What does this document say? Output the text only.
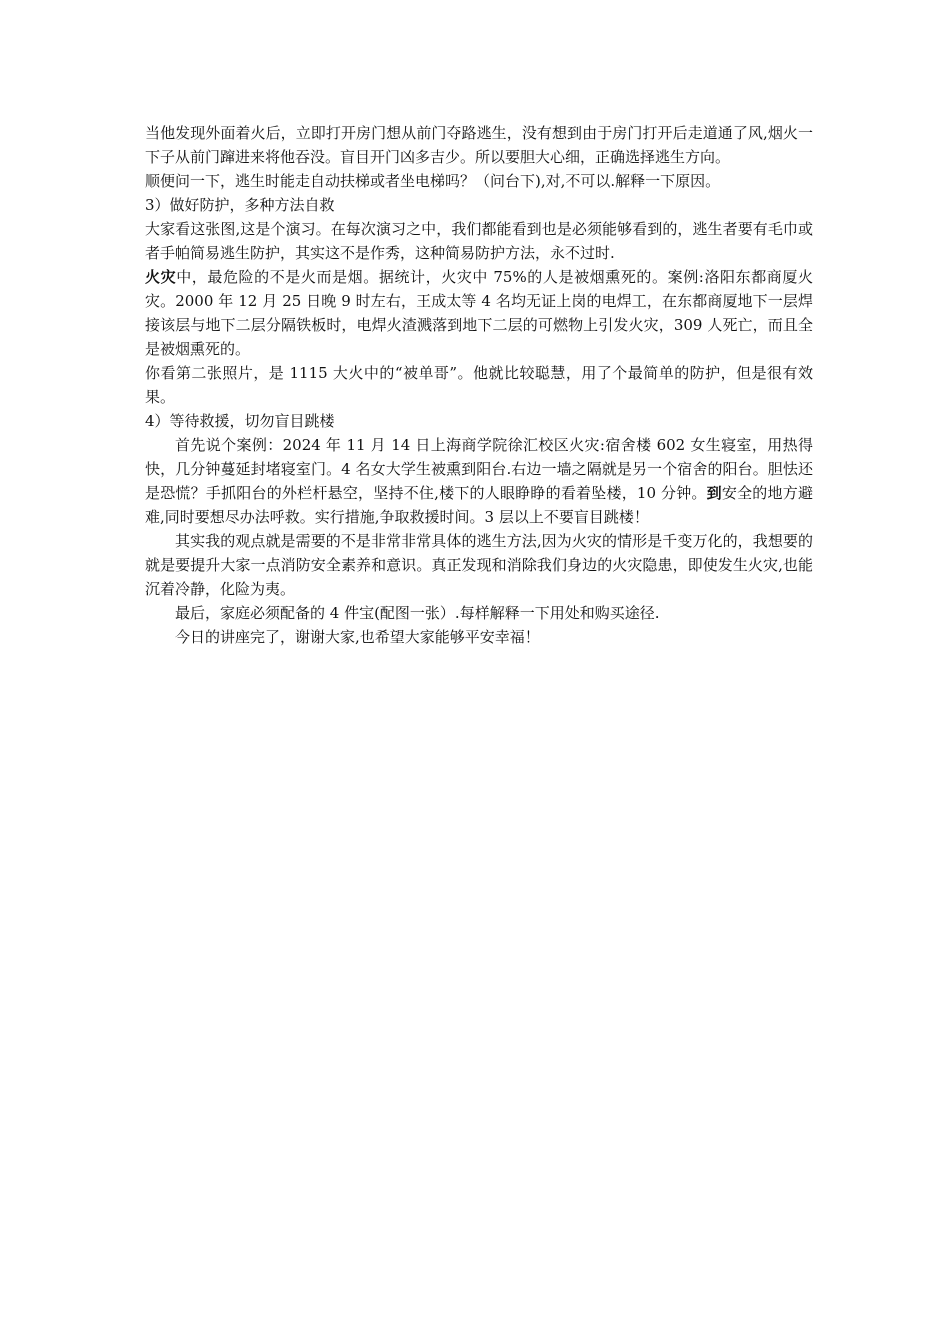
当他发现外面着火后，立即打开房门想从前门夺路逃生，没有想到由于房门打开后走道通了风,烟火一下子从前门蹿进来将他吞没。盲目开门凶多吉少。所以要胆大心细，正确选择逃生方向。

顺便问一下，逃生时能走自动扶梯或者坐电梯吗？（问台下),对,不可以.解释一下原因。

3）做好防护，多种方法自救

大家看这张图,这是个演习。在每次演习之中，我们都能看到也是必须能够看到的，逃生者要有毛巾或者手帕简易逃生防护，其实这不是作秀，这种简易防护方法，永不过时.

火灾中，最危险的不是火而是烟。据统计，火灾中 75%的人是被烟熏死的。案例:洛阳东都商厦火灾。2000 年 12 月 25 日晚 9 时左右，王成太等 4 名均无证上岗的电焊工，在东都商厦地下一层焊接该层与地下二层分隔铁板时，电焊火渣溅落到地下二层的可燃物上引发火灾，309 人死亡，而且全是被烟熏死的。

你看第二张照片，是 1115 大火中的“被单哥”。他就比较聪慧，用了个最简单的防护，但是很有效果。

4）等待救援，切勿盲目跳楼

首先说个案例：2024 年 11 月 14 日上海商学院徐汇校区火灾:宿舍楼 602 女生寝室，用热得快，几分钟蔓延封堵寝室门。4 名女大学生被熏到阳台.右边一墙之隔就是另一个宿舍的阳台。胆怯还是恐慌？手抓阳台的外栏杆悬空，坚持不住,楼下的人眼睁睁的看着坠楼，10 分钟。到安全的地方避难,同时要想尽办法呼救。实行措施,争取救援时间。3 层以上不要盲目跳楼！

其实我的观点就是需要的不是非常非常具体的逃生方法,因为火灾的情形是千变万化的，我想要的就是要提升大家一点消防安全素养和意识。真正发现和消除我们身边的火灾隐患，即使发生火灾,也能沉着冷静，化险为夷。

最后，家庭必须配备的 4 件宝(配图一张）.每样解释一下用处和购买途径.

今日的讲座完了，谢谢大家,也希望大家能够平安幸福！
